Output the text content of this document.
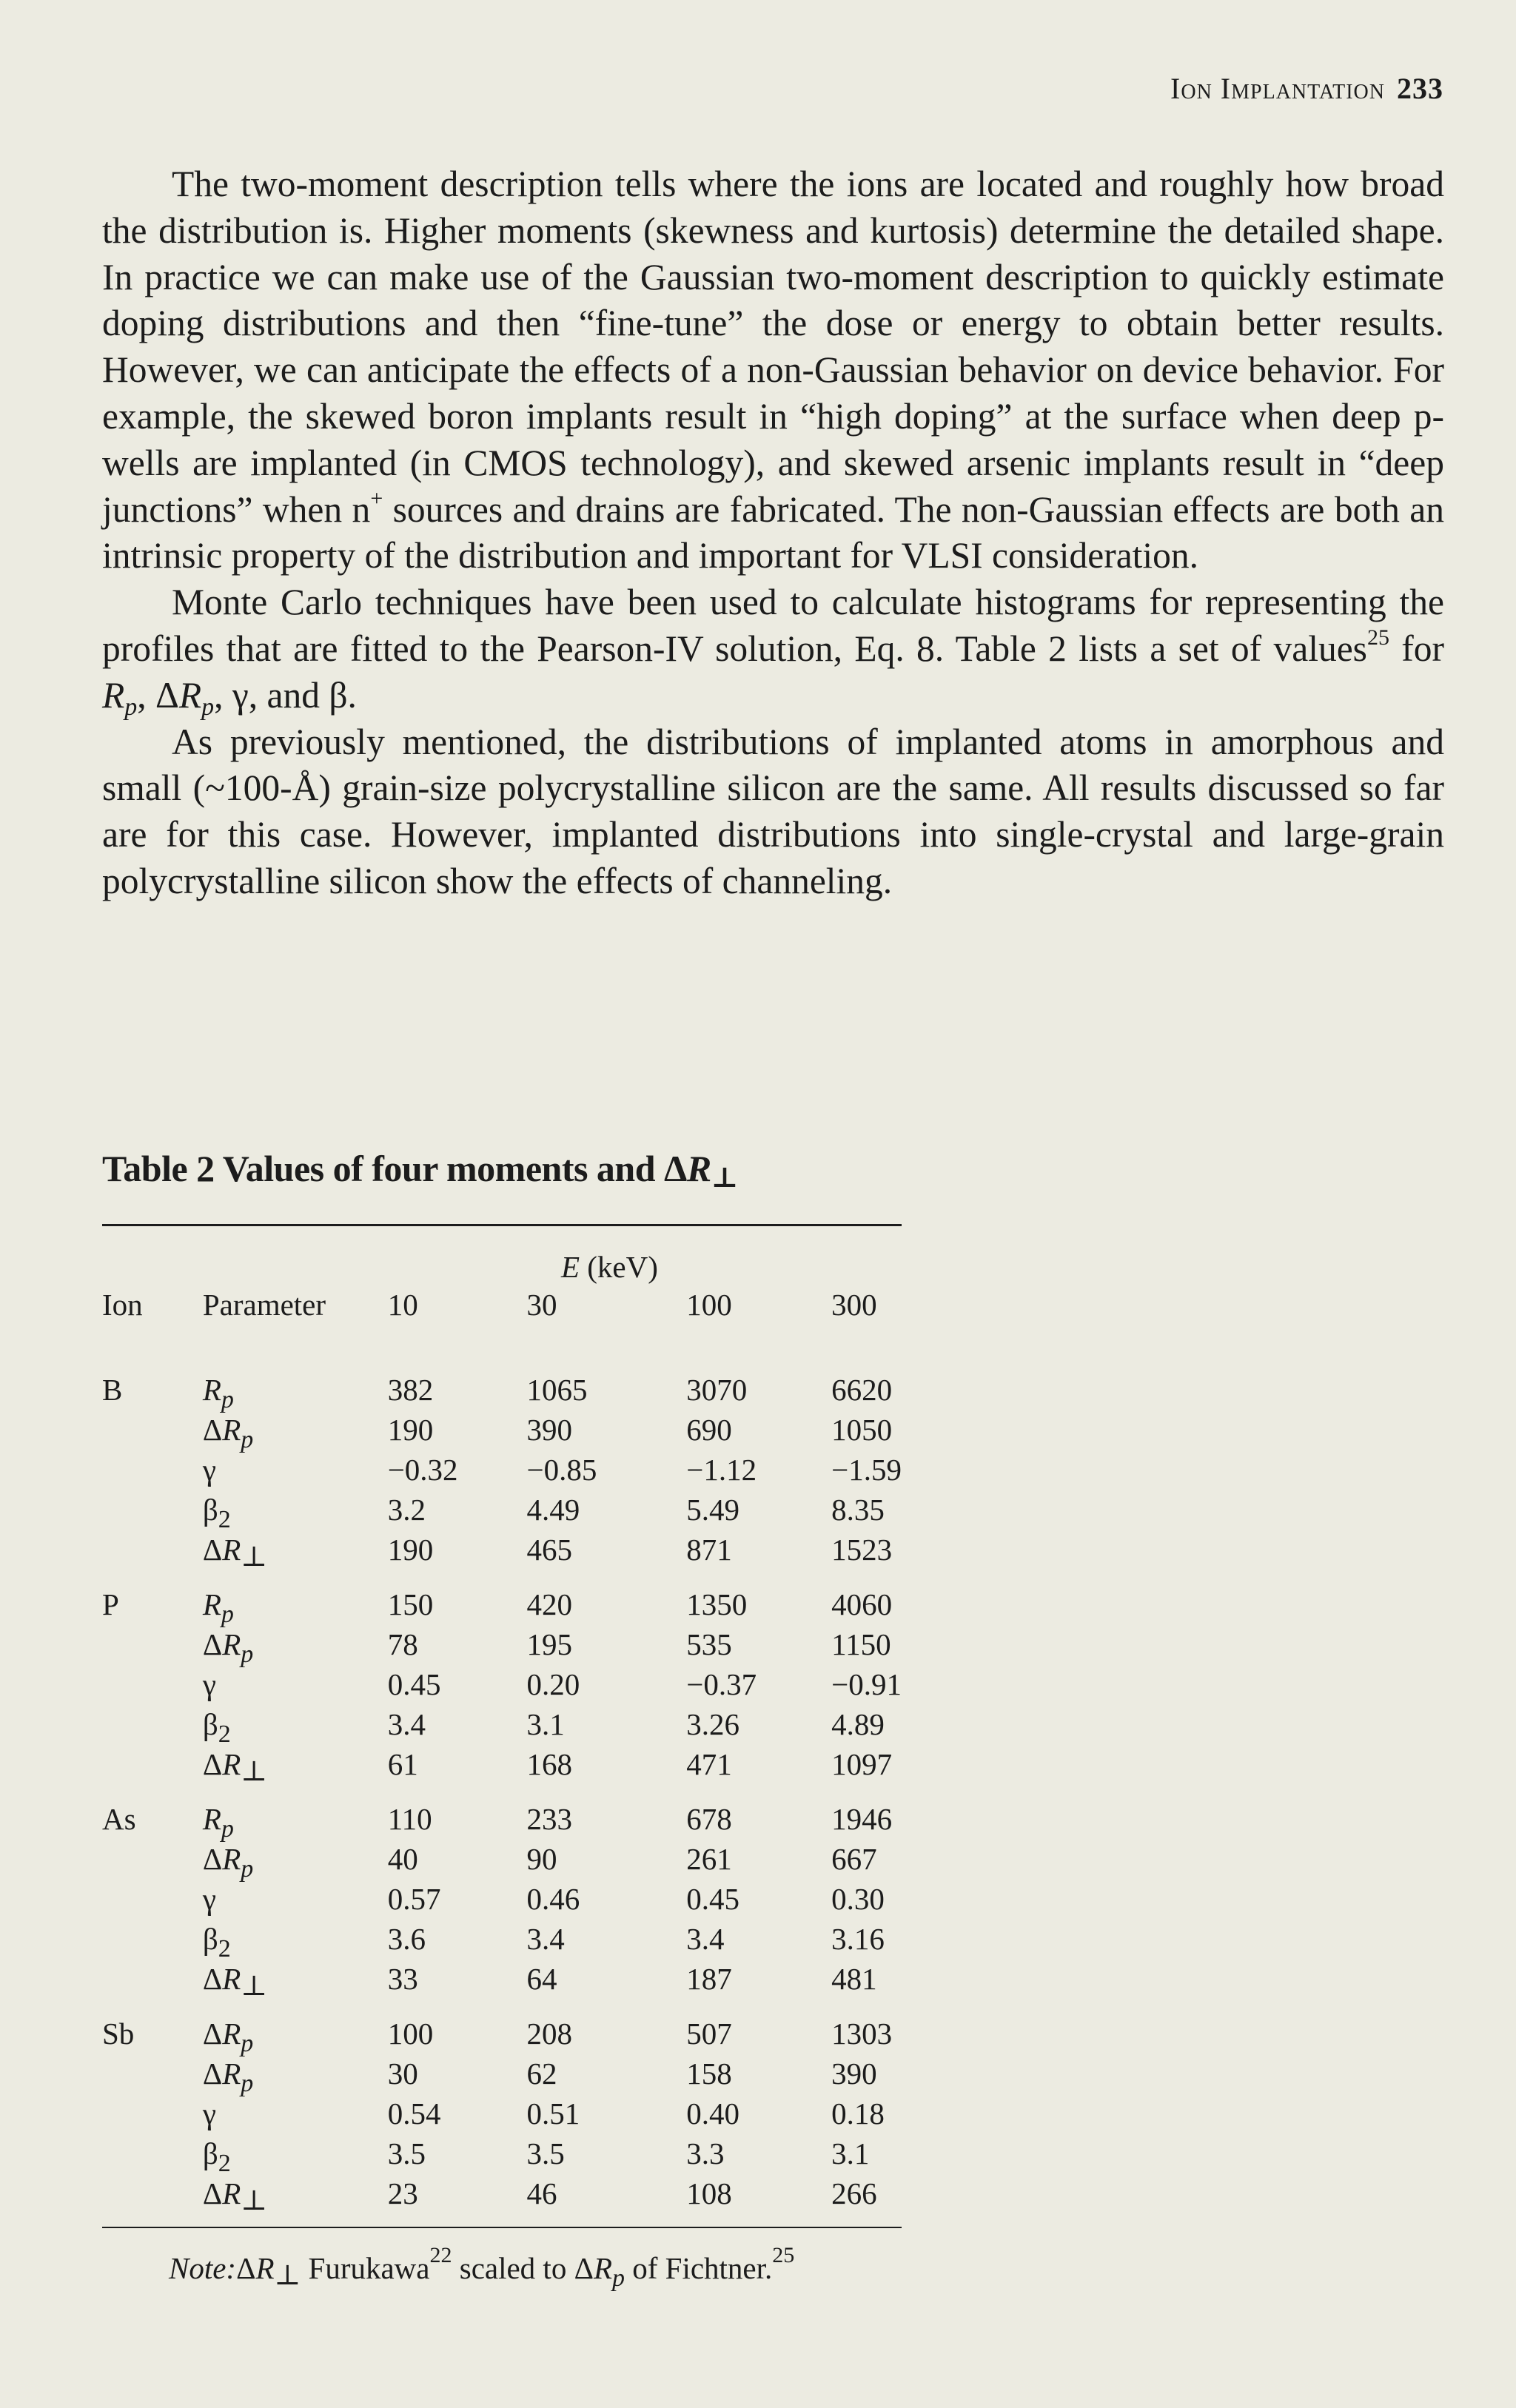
Ion Implantation 233

The two-moment description tells where the ions are located and roughly how broad the distribution is. Higher moments (skewness and kurtosis) determine the detailed shape. In practice we can make use of the Gaussian two-moment description to quickly estimate doping distributions and then “fine-tune” the dose or energy to obtain better results. However, we can anticipate the effects of a non-Gaussian behavior on device behavior. For example, the skewed boron implants result in “high doping” at the surface when deep p-wells are implanted (in CMOS technology), and skewed arsenic implants result in “deep junctions” when n+ sources and drains are fabricated. The non-Gaussian effects are both an intrinsic property of the distribution and important for VLSI consideration.

Monte Carlo techniques have been used to calculate histograms for representing the profiles that are fitted to the Pearson-IV solution, Eq. 8. Table 2 lists a set of values$^{25}$ for $R_p$, $\Delta R_p$, γ, and β.

As previously mentioned, the distributions of implanted atoms in amorphous and small (~100-Å) grain-size polycrystalline silicon are the same. All results discussed so far are for this case. However, implanted distributions into single-crystal and large-grain polycrystalline silicon show the effects of channeling.

Table 2 Values of four moments and ΔR⊥
		E (keV)			
Ion	Parameter	10	30	100	300
B	$R_p$	382	1065	3070	6620
	$\Delta R_p$	190	390	690	1050
	γ	−0.32	−0.85	−1.12	−1.59
	$\beta_2$	3.2	4.49	5.49	8.35
	ΔR⊥	190	465	871	1523
P	$R_p$	150	420	1350	4060
	$\Delta R_p$	78	195	535	1150
	γ	0.45	0.20	−0.37	−0.91
	$\beta_2$	3.4	3.1	3.26	4.89
	ΔR⊥	61	168	471	1097
As	$R_p$	110	233	678	1946
	$\Delta R_p$	40	90	261	667
	γ	0.57	0.46	0.45	0.30
	$\beta_2$	3.6	3.4	3.4	3.16
	ΔR⊥	33	64	187	481
Sb	$\Delta R_p$	100	208	507	1303
	$\Delta R_p$	30	62	158	390
	γ	0.54	0.51	0.40	0.18
	$\beta_2$	3.5	3.5	3.3	3.1
	ΔR⊥	23	46	108	266
Note:ΔR⊥ Furukawa$^{22}$ scaled to $\Delta R_p$ of Fichtner.$^{25}$
